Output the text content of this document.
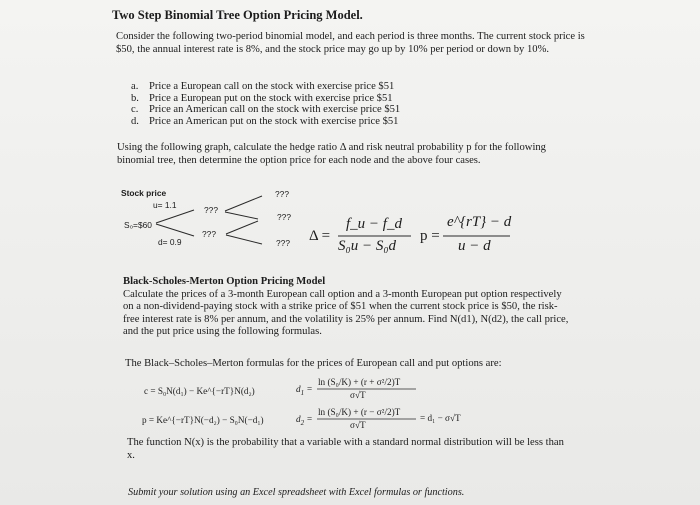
Two Step Binomial Tree Option Pricing Model.
Consider the following two-period binomial model, and each period is three months. The current stock price is $50, the annual interest rate is 8%, and the stock price may go up by 10% per period or down by 10%.
a. Price a European call on the stock with exercise price $51
b. Price a European put on the stock with exercise price $51
c. Price an American call on the stock with exercise price $51
d. Price an American put on the stock with exercise price $51
Using the following graph, calculate the hedge ratio Δ and risk neutral probability p for the following binomial tree, then determine the option price for each node and the above four cases.
Stock price
u= 1.1
S₀=$60
d= 0.9
???
???
???
???
??? Δ =
f_u − f_d
S₀u − S₀d
p =
e^{rT} − d
u − d
Black-Scholes-Merton Option Pricing Model
Calculate the prices of a 3-month European call option and a 3-month European put option respectively on a non-dividend-paying stock with a strike price of $51 when the current stock price is $50, the risk-free interest rate is 8% per annum, and the volatility is 25% per annum. Find N(d1), N(d2), the call price, and the put price using the following formulas.
The Black–Scholes–Merton formulas for the prices of European call and put options are:
c = S₀N(d₁) − Ke^{−rT}N(d₂)	$d_1$ =
ln (S₀/K) + (r + σ²/2)T
σ√T
p = Ke^{−rT}N(−d₂) − S₀N(−d₁)	$d_2$ =
ln (S₀/K) + (r − σ²/2)T
σ√T
= d₁ − σ√T
The function N(x) is the probability that a variable with a standard normal distribution will be less than x.
Submit your solution using an Excel spreadsheet with Excel formulas or functions.
